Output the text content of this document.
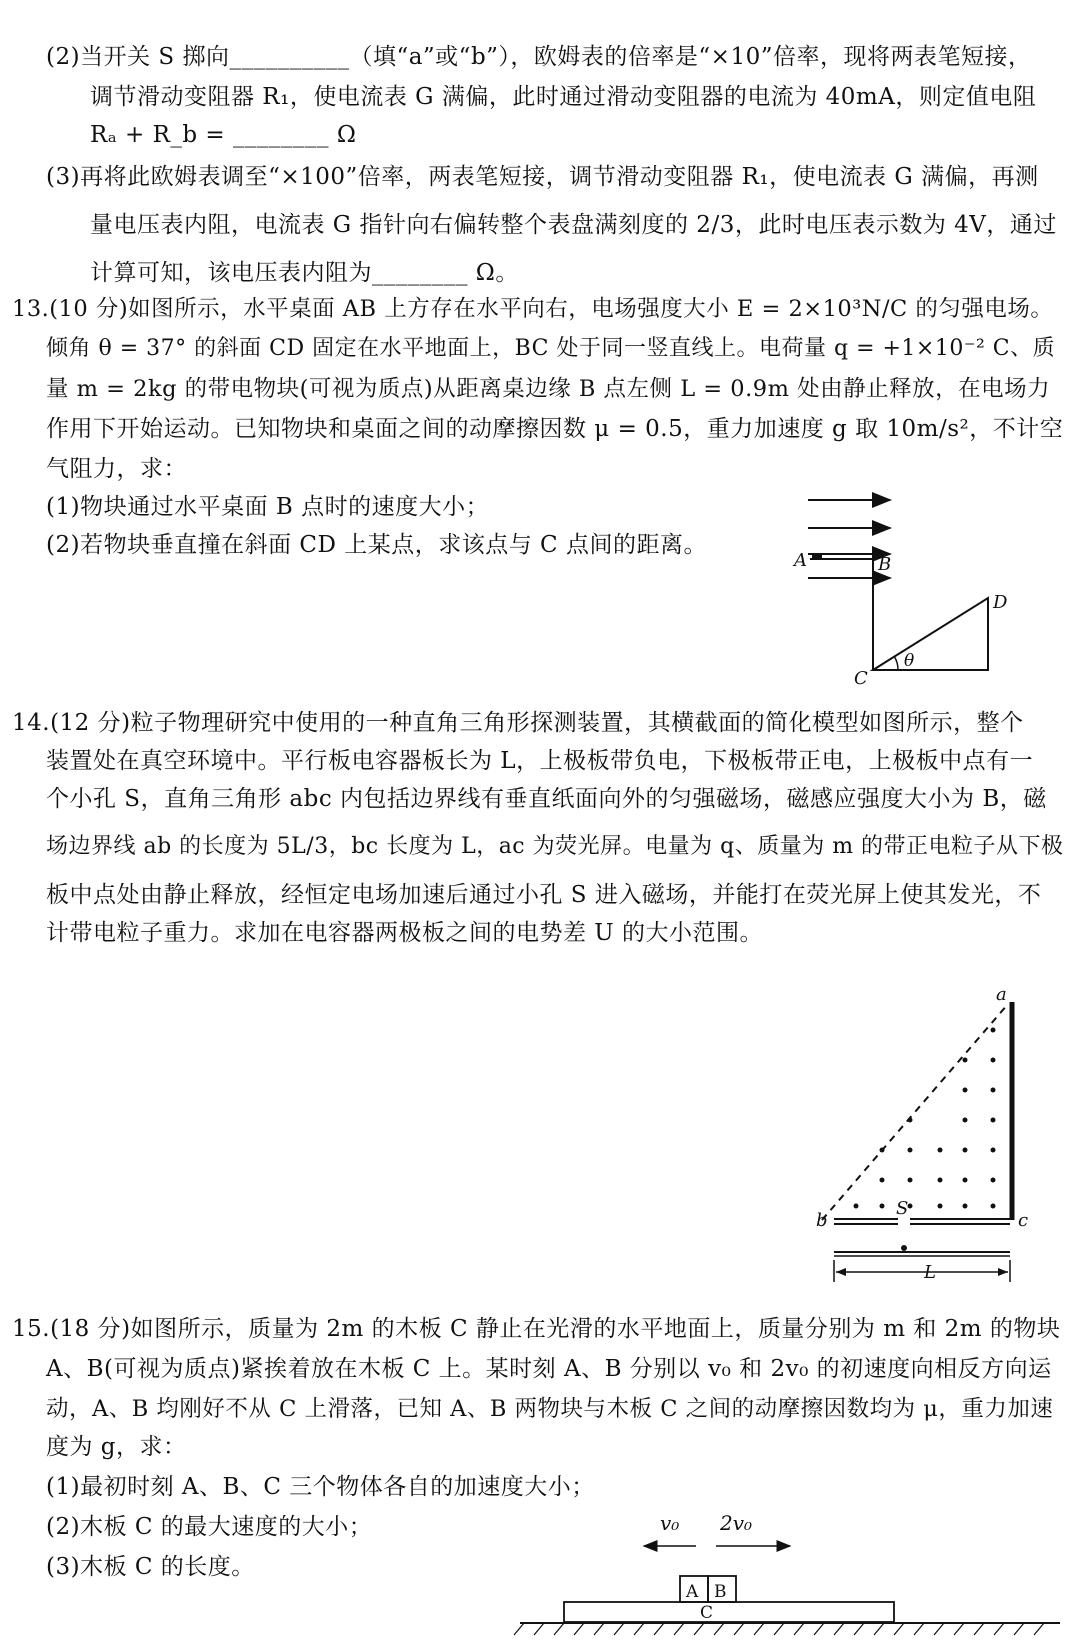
(2)当开关 S 掷向__________（填“a”或“b”），欧姆表的倍率是“×10”倍率，现将两表笔短接，
调节滑动变阻器 R₁，使电流表 G 满偏，此时通过滑动变阻器的电流为 40mA，则定值电阻
Rₐ + R_b = ________ Ω
(3)再将此欧姆表调至“×100”倍率，两表笔短接，调节滑动变阻器 R₁，使电流表 G 满偏，再测
量电压表内阻，电流表 G 指针向右偏转整个表盘满刻度的 2/3，此时电压表示数为 4V，通过
计算可知，该电压表内阻为________ Ω。
13.(10 分)如图所示，水平桌面 AB 上方存在水平向右，电场强度大小 E = 2×10³N/C 的匀强电场。
倾角 θ = 37° 的斜面 CD 固定在水平地面上，BC 处于同一竖直线上。电荷量 q = +1×10⁻² C、质
量 m = 2kg 的带电物块(可视为质点)从距离桌边缘 B 点左侧 L = 0.9m 处由静止释放，在电场力
作用下开始运动。已知物块和桌面之间的动摩擦因数 μ = 0.5，重力加速度 g 取 10m/s²，不计空
气阻力，求：
(1)物块通过水平桌面 B 点时的速度大小；
(2)若物块垂直撞在斜面 CD 上某点，求该点与 C 点间的距离。
A	B
C
D
θ
14.(12 分)粒子物理研究中使用的一种直角三角形探测装置，其横截面的简化模型如图所示，整个
装置处在真空环境中。平行板电容器板长为 L，上极板带负电，下极板带正电，上极板中点有一
个小孔 S，直角三角形 abc 内包括边界线有垂直纸面向外的匀强磁场，磁感应强度大小为 B，磁
场边界线 ab 的长度为 5L/3，bc 长度为 L，ac 为荧光屏。电量为 q、质量为 m 的带正电粒子从下极
板中点处由静止释放，经恒定电场加速后通过小孔 S 进入磁场，并能打在荧光屏上使其发光，不
计带电粒子重力。求加在电容器两极板之间的电势差 U 的大小范围。
a
b	c
S
L
15.(18 分)如图所示，质量为 2m 的木板 C 静止在光滑的水平地面上，质量分别为 m 和 2m 的物块
A、B(可视为质点)紧挨着放在木板 C 上。某时刻 A、B 分别以 v₀ 和 2v₀ 的初速度向相反方向运
动，A、B 均刚好不从 C 上滑落，已知 A、B 两物块与木板 C 之间的动摩擦因数均为 μ，重力加速
度为 g，求：
(1)最初时刻 A、B、C 三个物体各自的加速度大小；
(2)木板 C 的最大速度的大小；
(3)木板 C 的长度。
v₀ 2v₀
A B
C
